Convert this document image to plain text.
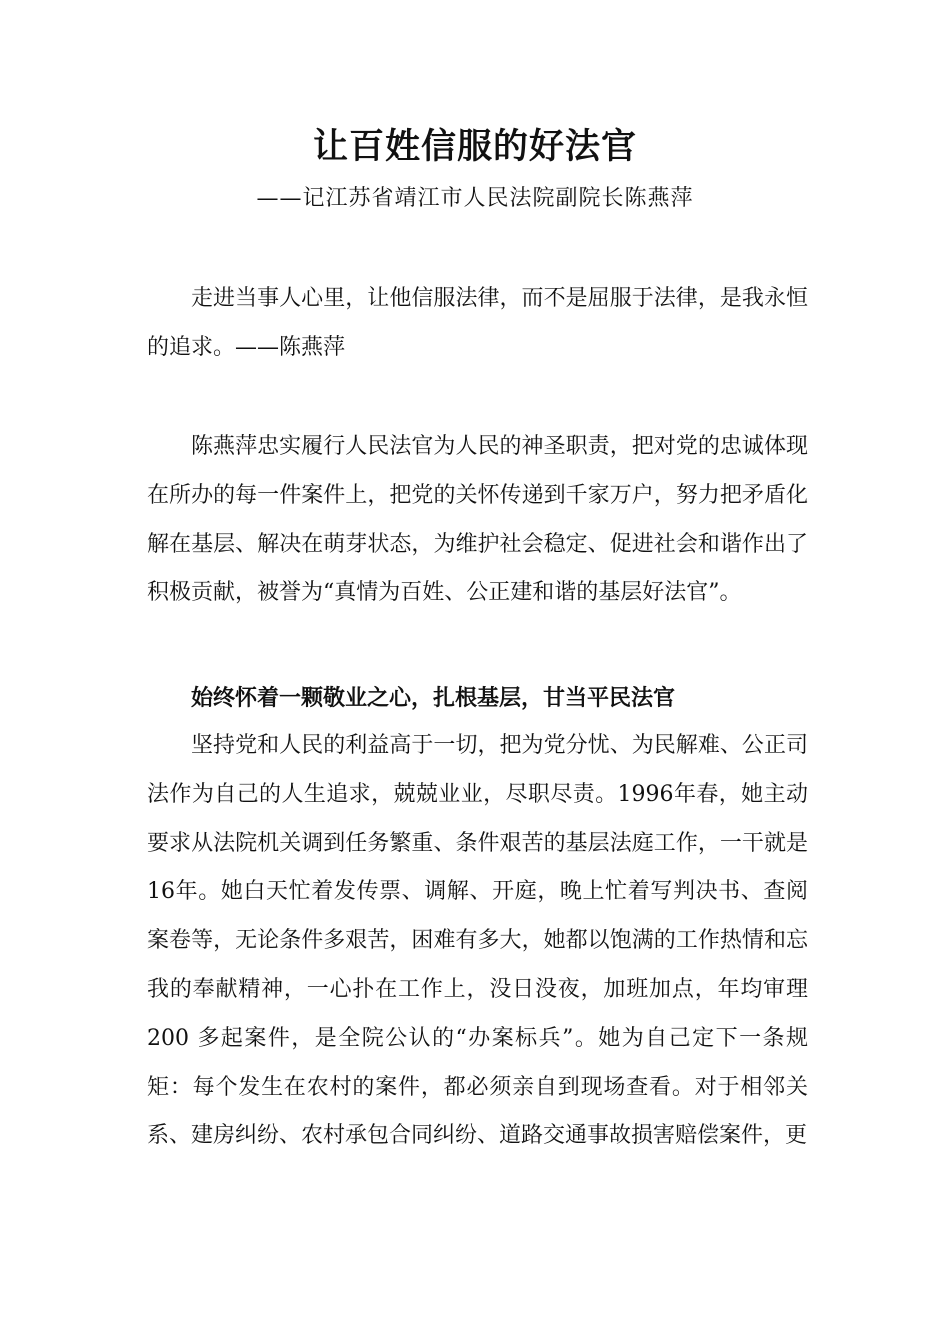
让百姓信服的好法官
——记江苏省靖江市人民法院副院长陈燕萍

走进当事人心里，让他信服法律，而不是屈服于法律，是我永恒的追求。——陈燕萍

陈燕萍忠实履行人民法官为人民的神圣职责，把对党的忠诚体现在所办的每一件案件上，把党的关怀传递到千家万户，努力把矛盾化解在基层、解决在萌芽状态，为维护社会稳定、促进社会和谐作出了积极贡献，被誉为“真情为百姓、公正建和谐的基层好法官”。

始终怀着一颗敬业之心，扎根基层，甘当平民法官

坚持党和人民的利益高于一切，把为党分忧、为民解难、公正司法作为自己的人生追求，兢兢业业，尽职尽责。1996年春，她主动要求从法院机关调到任务繁重、条件艰苦的基层法庭工作，一干就是 16年。她白天忙着发传票、调解、开庭，晚上忙着写判决书、查阅案卷等，无论条件多艰苦，困难有多大，她都以饱满的工作热情和忘我的奉献精神，一心扑在工作上，没日没夜，加班加点，年均审理 200 多起案件，是全院公认的“办案标兵”。她为自己定下一条规矩：每个发生在农村的案件，都必须亲自到现场查看。对于相邻关系、建房纠纷、农村承包合同纠纷、道路交通事故损害赔偿案件，更
